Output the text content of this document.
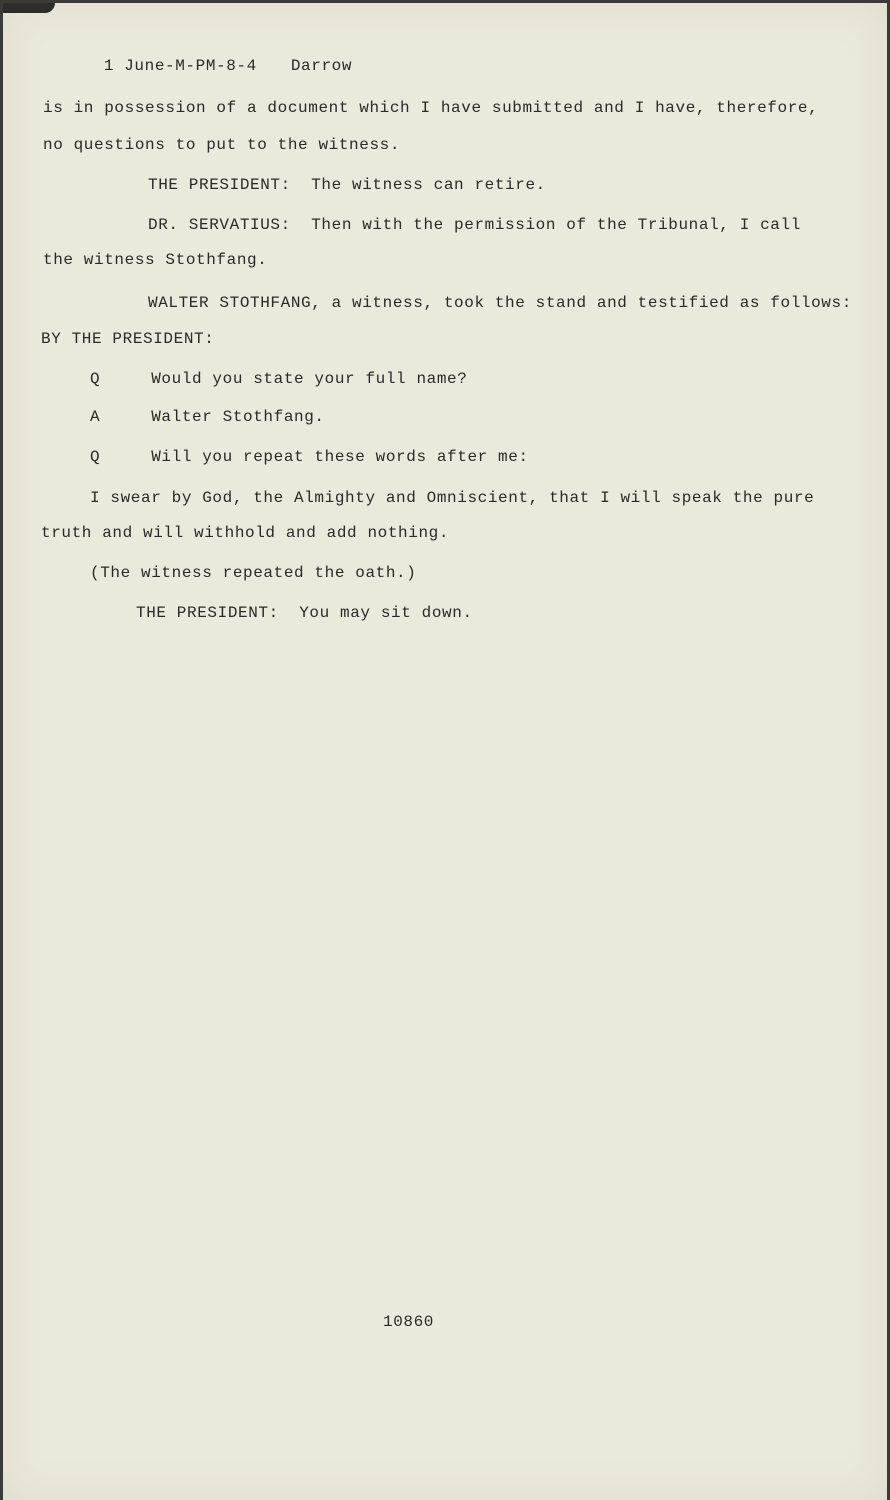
1 June-M-PM-8-4 Darrow

is in possession of a document which I have submitted and I have, therefore,
no questions to put to the witness.
THE PRESIDENT:  The witness can retire.
DR. SERVATIUS:  Then with the permission of the Tribunal, I call
the witness Stothfang.
WALTER STOTHFANG, a witness, took the stand and testified as follows:
BY THE PRESIDENT:
Q     Would you state your full name?
A     Walter Stothfang.
Q     Will you repeat these words after me:
I swear by God, the Almighty and Omniscient, that I will speak the pure
truth and will withhold and add nothing.
(The witness repeated the oath.)
THE PRESIDENT:  You may sit down.
10860
